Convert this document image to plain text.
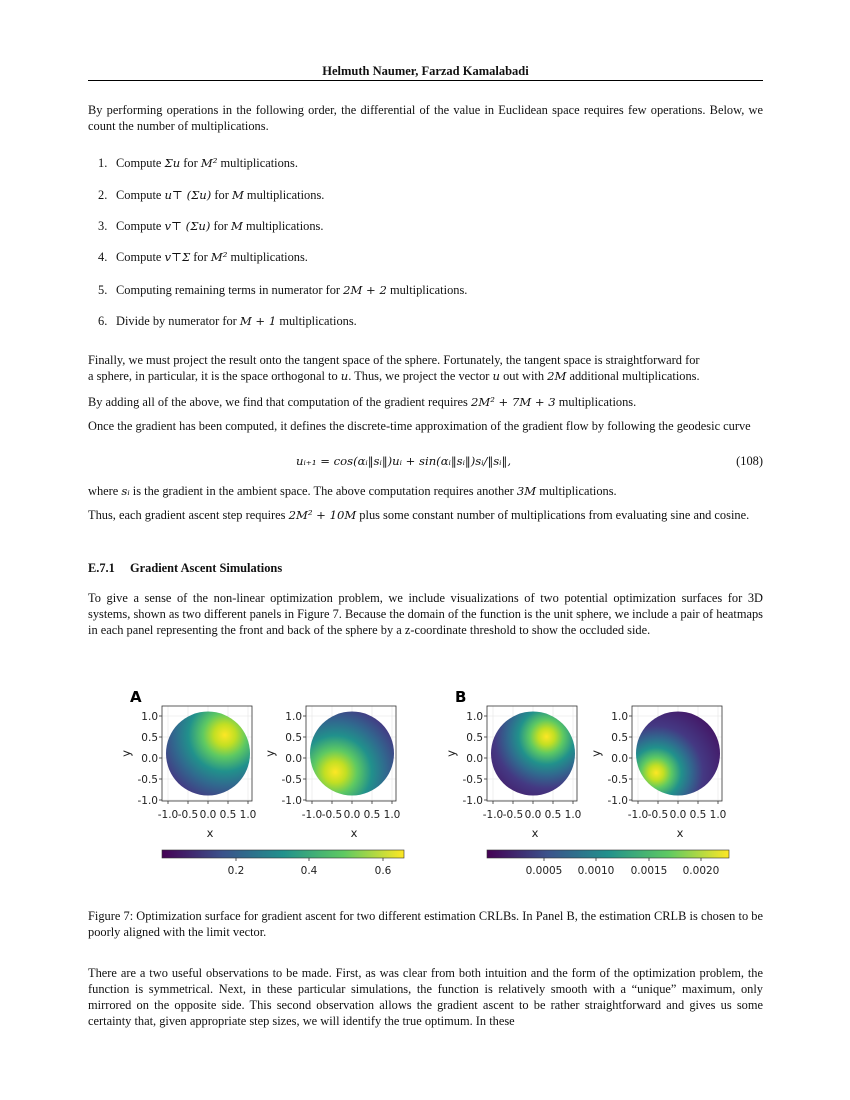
Helmuth Naumer, Farzad Kamalabadi

By performing operations in the following order, the differential of the value in Euclidean space requires few operations. Below, we count the number of multiplications.

1. Compute Σu for M² multiplications.
2. Compute u⊤ (Σu) for M multiplications.
3. Compute v⊤ (Σu) for M multiplications.
4. Compute v⊤Σ for M² multiplications.
5. Computing remaining terms in numerator for 2M + 2 multiplications.
6. Divide by numerator for M + 1 multiplications.

Finally, we must project the result onto the tangent space of the sphere. Fortunately, the tangent space is straightforward for
a sphere, in particular, it is the space orthogonal to u. Thus, we project the vector u out with 2M additional multiplications.

By adding all of the above, we find that computation of the gradient requires 2M² + 7M + 3 multiplications.

Once the gradient has been computed, it defines the discrete-time approximation of the gradient flow by following the geodesic curve

uᵢ₊₁ = cos(αᵢ‖sᵢ‖)uᵢ + sin(αᵢ‖sᵢ‖)sᵢ/‖sᵢ‖,	(108)

where sᵢ is the gradient in the ambient space. The above computation requires another 3M multiplications.

Thus, each gradient ascent step requires 2M² + 10M plus some constant number of multiplications from evaluating sine and cosine.

E.7.1 Gradient Ascent Simulations

To give a sense of the non-linear optimization problem, we include visualizations of two potential optimization surfaces for 3D systems, shown as two different panels in Figure 7. Because the domain of the function is the unit sphere, we include a pair of heatmaps in each panel representing the front and back of the sphere by a z-coordinate threshold to show the occluded side.

Figure 7: Optimization surface for gradient ascent for two different estimation CRLBs. In Panel B, the estimation CRLB is chosen to be poorly aligned with the limit vector.

There are a two useful observations to be made. First, as was clear from both intuition and the form of the optimization problem, the function is symmetrical. Next, in these particular simulations, the function is relatively smooth with a “unique” maximum, only mirrored on the opposite side. This second observation allows the gradient ascent to be rather straightforward and gives us some certainty that, given appropriate step sizes, we will identify the true optimum. In these

1.0
0.5
0.0
-0.5
-1.0
-1.0 -0.5 0.0 0.5 1.0
x
y
1.0
0.5
0.0
-0.5
-1.0
-1.0 -0.5 0.0 0.5 1.0
x
y
1.0
0.5
0.0
-0.5
-1.0
-1.0 -0.5 0.0 0.5 1.0
x
y
1.0
0.5
0.0
-0.5
-1.0
-1.0 -0.5 0.0 0.5 1.0
x
y
A	B
0.2	0.4	0.6	0.0005 0.0010 0.0015 0.0020
